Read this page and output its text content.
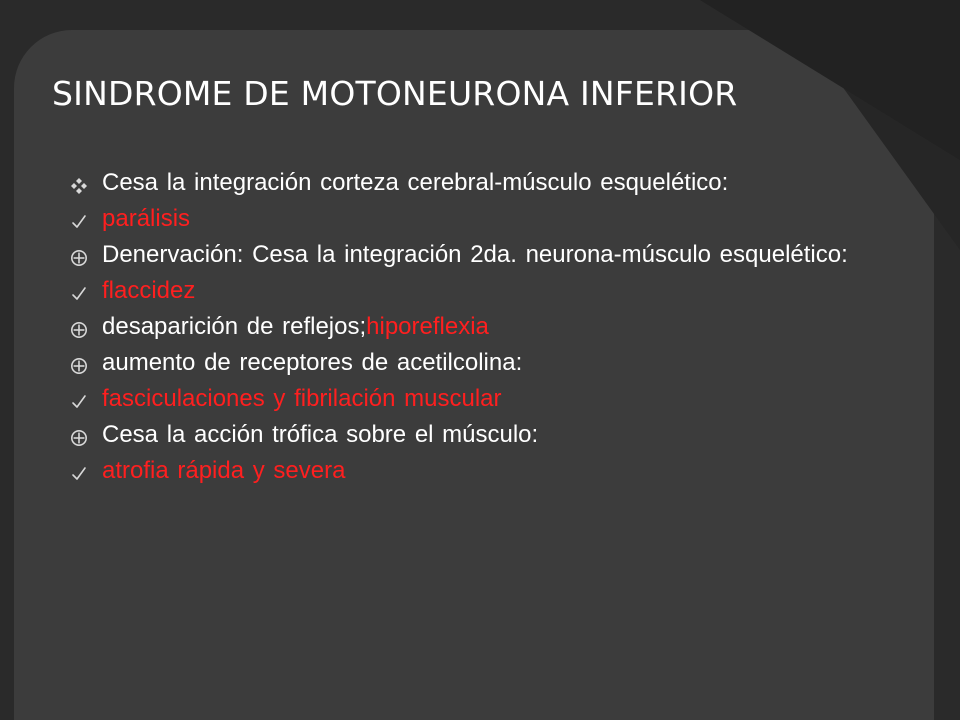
SINDROME DE MOTONEURONA INFERIOR
Cesa la integración corteza cerebral-músculo esquelético:
parálisis
Denervación: Cesa la integración 2da. neurona-músculo esquelético:
flaccidez
desaparición de reflejos;hiporeflexia
aumento de receptores de acetilcolina:
fasciculaciones y fibrilación muscular
Cesa la acción trófica sobre el músculo:
atrofia rápida y severa
